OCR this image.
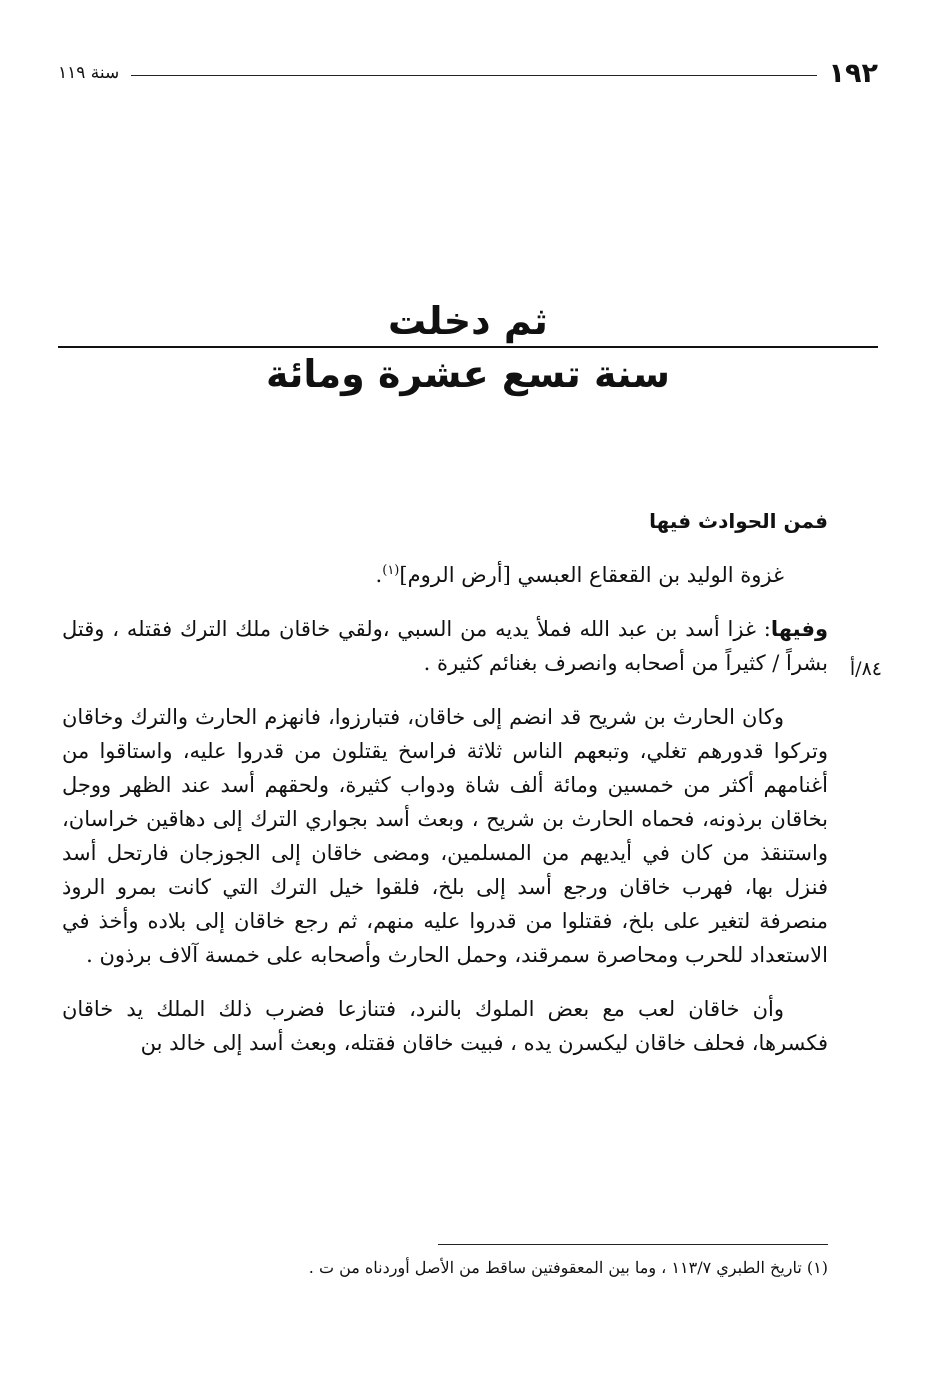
١٩٢
سنة ١١٩
ثم دخلت
سنة تسع عشرة ومائة
فمن الحوادث فيها

غزوة الوليد بن القعقاع العبسي [أرض الروم]$^{(١)}$.

وفيها: غزا أسد بن عبد الله فملأ يديه من السبي ،ولقي خاقان ملك الترك فقتله ، وقتل بشراً / كثيراً من أصحابه وانصرف بغنائم كثيرة . ٨٤/أ

وكان الحارث بن شريح قد انضم إلى خاقان، فتبارزوا، فانهزم الحارث والترك وخاقان وتركوا قدورهم تغلي، وتبعهم الناس ثلاثة فراسخ يقتلون من قدروا عليه، واستاقوا من أغنامهم أكثر من خمسين ومائة ألف شاة ودواب كثيرة، ولحقهم أسد عند الظهر ووجل بخاقان برذونه، فحماه الحارث بن شريح ، وبعث أسد بجواري الترك إلى دهاقين خراسان، واستنقذ من كان في أيديهم من المسلمين، ومضى خاقان إلى الجوزجان فارتحل أسد فنزل بها، فهرب خاقان ورجع أسد إلى بلخ، فلقوا خيل الترك التي كانت بمرو الروذ منصرفة لتغير على بلخ، فقتلوا من قدروا عليه منهم، ثم رجع خاقان إلى بلاده وأخذ في الاستعداد للحرب ومحاصرة سمرقند، وحمل الحارث وأصحابه على خمسة آلاف برذون .

وأن خاقان لعب مع بعض الملوك بالنرد، فتنازعا فضرب ذلك الملك يد خاقان فكسرها، فحلف خاقان ليكسرن يده ، فبيت خاقان فقتله، وبعث أسد إلى خالد بن

(١) تاريخ الطبري ١١٣/٧ ، وما بين المعقوفتين ساقط من الأصل أوردناه من ت .
